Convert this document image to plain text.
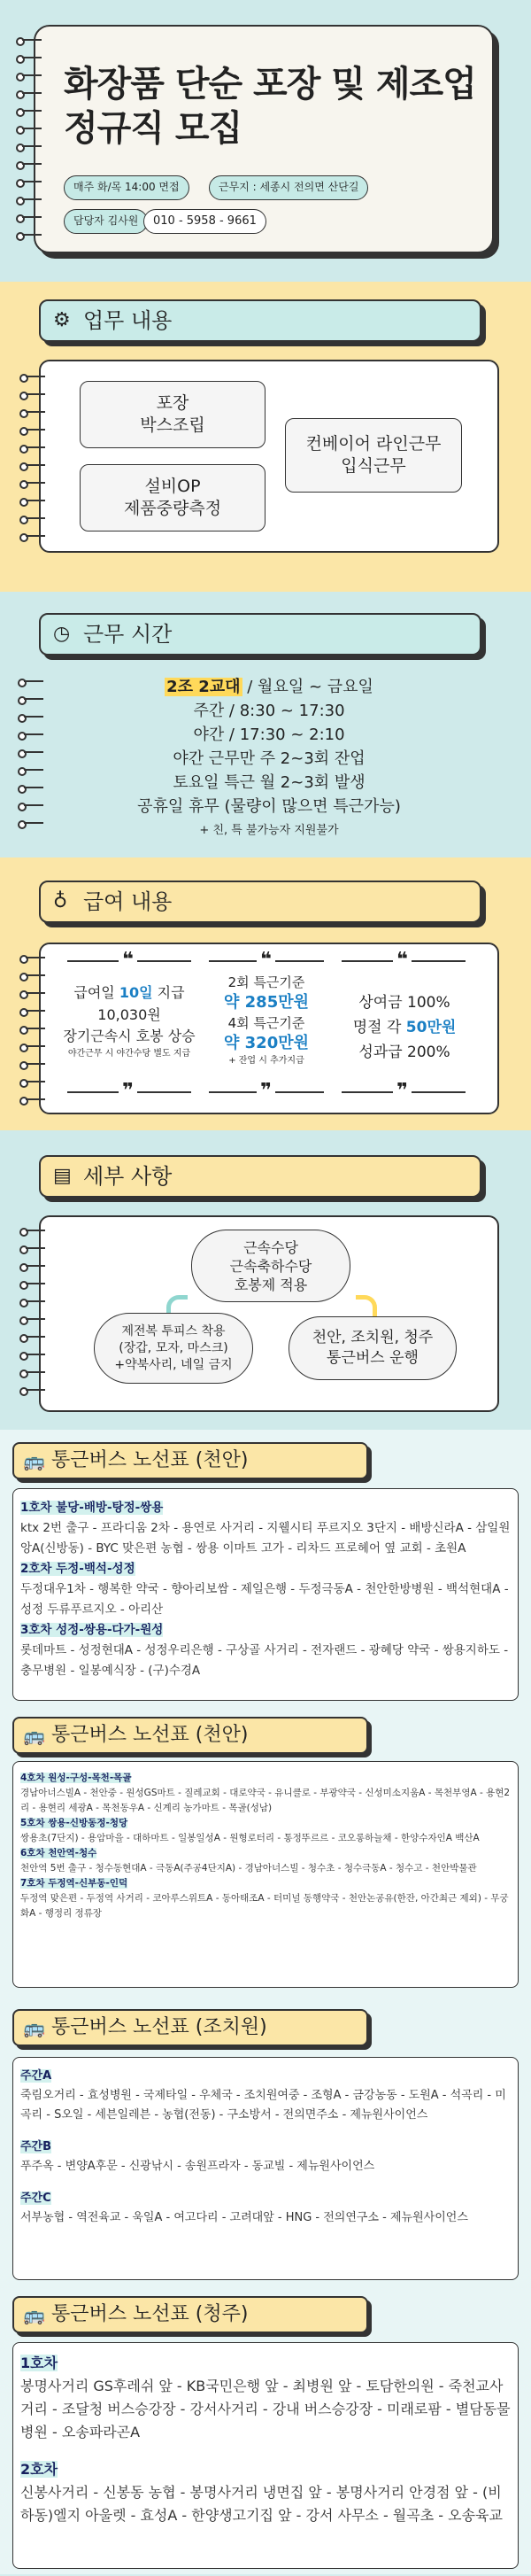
화장품 단순 포장 및 제조업
정규직 모집
매주 화/목 14:00 면접	근무지 : 세종시 전의면 산단길
담당자 김사원	010 - 5958 - 9661
⚙ 업무 내용
포장
박스조립
설비OP
제품중량측정
컨베이어 라인근무
입식근무
◷ 근무 시간
2조 2교대 / 월요일 ~ 금요일
주간 / 8:30 ~ 17:30
야간 / 17:30 ~ 2:10
야간 근무만 주 2~3회 잔업
토요일 특근 월 2~3회 발생
공휴일 휴무 (물량이 많으면 특근가능)
+ 친, 특 불가능자 지원불가
♁ 급여 내용
❝
급여일 10일 지급
10,030원
장기근속시 호봉 상승
야간근무 시 야간수당 별도 지급
❞
❝
2회 특근기준
약 285만원
4회 특근기준
약 320만원
+ 잔업 시 추가지급
❞
❝
상여금 100%
명절 각 50만원
성과급 200%
❞
▤ 세부 사항
근속수당
근속축하수당
호봉제 적용
제전복 투피스 착용
(장갑, 모자, 마스크)
+약북사리, 네일 금지
천안, 조치원, 청주
통근버스 운행
🚌 통근버스 노선표 (천안)
1호차 불당-배방-탕정-쌍용
ktx 2번 출구 - 프라디움 2차 - 용연로 사거리 - 지웰시티 푸르지오 3단지 - 배방신라A - 삼일원앙A(신방동) - BYC 맞은편 농협 - 쌍용 이마트 고가 - 리차드 프로헤어 옆 교회 - 초원A
2호차 두정-백석-성정
두정대우1차 - 행복한 약국 - 향아리보쌈 - 제일은행 - 두정극동A - 천안한방병원 - 백석현대A - 성정 두류푸르지오 - 아리산
3호차 성정-쌍용-다가-원성
롯데마트 - 성정현대A - 성정우리은행 - 구상골 사거리 - 전자랜드 - 광혜당 약국 - 쌍용지하도 - 충무병원 - 일봉예식장 - (구)수경A
🚌 통근버스 노선표 (천안)
4호차 원성-구성-목천-목골
경남아너스빌A - 천안중 - 원성GS마트 - 질레교회 - 대로약국 - 유니클로 - 부광약국 - 신성미소지움A - 목천부영A - 용현2리 - 용현리 세광A - 목천동우A - 신계리 농가마트 - 목골(성남)
5호차 쌍용-신방동정-청당
쌍용초(7단지) - 용암마을 - 대하마트 - 일봉일성A - 원형로터리 - 통정뚜르르 - 코오롱하늘채 - 한양수자인A 백산A
6호차 천안역-청수
천안역 5번 출구 - 청수동현대A - 극동A(주공4단지A) - 경남아너스빌 - 청수초 - 청수극동A - 청수고 - 천안박물관
7호차 두정역-신부동-인덕
두정역 맞은편 - 두정역 사거리 - 코아루스위트A - 동아태조A - 터미널 동행약국 - 천안논공유(한잔, 아간최근 제외) - 무궁화A - 행정리 정류장
🚌 통근버스 노선표 (조치원)
주간A
죽림오거리 - 효성병원 - 국제타일 - 우체국 - 조치원여중 - 조형A - 금강농동 - 도원A - 석곡리 - 미곡리 - S오일 - 세븐일레븐 - 농협(전동) - 구소방서 - 전의면주소 - 제뉴원사이언스
주간B
푸주옥 - 변양A후문 - 신광낚시 - 송원프라자 - 동교빌 - 제뉴원사이언스
주간C
서부농협 - 역전육교 - 욱일A - 여고다리 - 고려대앞 - HNG - 전의연구소 - 제뉴원사이언스
🚌 통근버스 노선표 (청주)
1호차
봉명사거리 GS후레쉬 앞 - KB국민은행 앞 - 최병원 앞 - 토담한의원 - 죽천교사거리 - 조달청 버스승강장 - 강서사거리 - 강내 버스승강장 - 미래로팜 - 별담동물병원 - 오송파라곤A
2호차
신봉사거리 - 신봉동 농협 - 봉명사거리 냉면집 앞 - 봉명사거리 안경점 앞 - (비하동)엘지 아울렛 - 효성A - 한양생고기집 앞 - 강서 사무소 - 월곡초 - 오송육교
